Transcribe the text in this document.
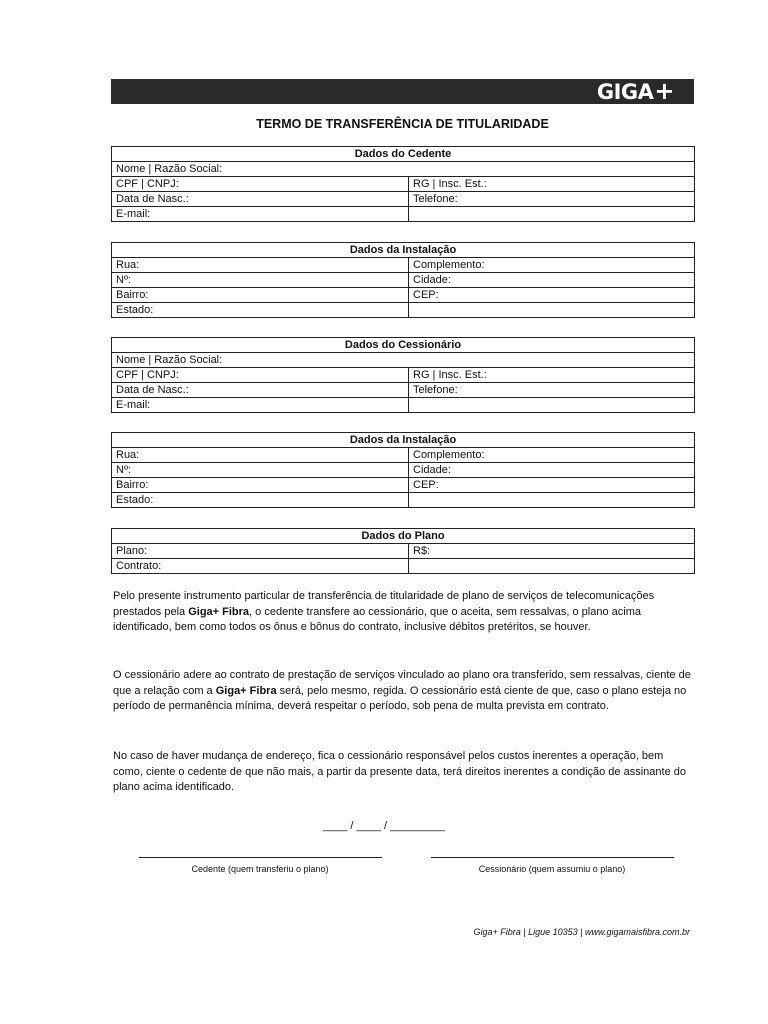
GIGA+
FIBRA
TERMO DE TRANSFERÊNCIA DE TITULARIDADE
Dados do Cedente	
Nome | Razão Social:	
CPF | CNPJ:	RG | Insc. Est.:
Data de Nasc.:	Telefone:
E-mail:	
Dados da Instalação	
Rua:	Complemento:
Nº:	Cidade:
Bairro:	CEP:
Estado:	
Dados do Cessionário	
Nome | Razão Social:	
CPF | CNPJ:	RG | Insc. Est.:
Data de Nasc.:	Telefone:
E-mail:	
Dados da Instalação	
Rua:	Complemento:
Nº:	Cidade:
Bairro:	CEP:
Estado:	
Dados do Plano	
Plano:	R$:
Contrato:	

Pelo presente instrumento particular de transferência de titularidade de plano de serviços de telecomunicações prestados pela Giga+ Fibra, o cedente transfere ao cessionário, que o aceita, sem ressalvas, o plano acima identificado, bem como todos os ônus e bônus do contrato, inclusive débitos pretéritos, se houver.

O cessionário adere ao contrato de prestação de serviços vinculado ao plano ora transferido, sem ressalvas, ciente de que a relação com a Giga+ Fibra será, pelo mesmo, regida. O cessionário está ciente de que, caso o plano esteja no período de permanência mínima, deverá respeitar o período, sob pena de multa prevista em contrato.

No caso de haver mudança de endereço, fica o cessionário responsável pelos custos inerentes a operação, bem como, ciente o cedente de que não mais, a partir da presente data, terá direitos inerentes a condição de assinante do plano acima identificado.

____ / ____ / _________
Cedente (quem transferiu o plano)	Cessionário (quem assumiu o plano)
Giga+ Fibra | Ligue 10353 | www.gigamaisfibra.com.br
